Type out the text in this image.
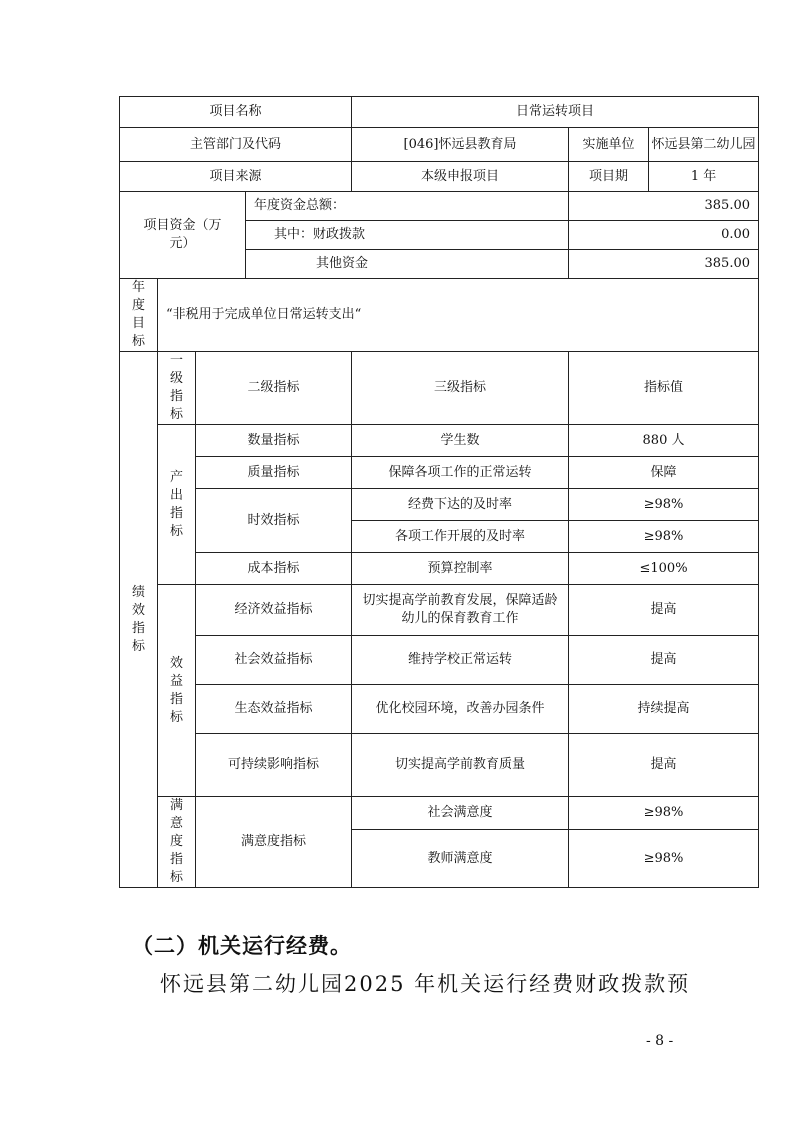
项目名称				日常运转项目		
主管部门及代码				[046]怀远县教育局	实施单位	怀远县第二幼儿园
项目来源				本级申报项目	项目期	1 年
项目资金（万元）			年度资金总额：		385.00	
			其中：财政拨款		0.00	
			其他资金		385.00	

年度目标	“非税用于完成单位日常运转支出“					

绩效指标	一级指标	二级指标		三级指标	指标值	

	产出指标	数量指标		学生数	880 人	
		质量指标		保障各项工作的正常运转	保障	
		时效指标		经费下达的及时率	≥98%	
				各项工作开展的及时率	≥98%	
		成本指标		预算控制率	≤100%	

	效益指标	经济效益指标		切实提高学前教育发展，保障适龄幼儿的保育教育工作	提高	
		社会效益指标		维持学校正常运转	提高	
		生态效益指标		优化校园环境，改善办园条件	持续提高	
		可持续影响指标		切实提高学前教育质量	提高	

	满意度指标	满意度指标		社会满意度	≥98%	
				教师满意度	≥98%	
（二）机关运行经费。
怀远县第二幼儿园2025 年机关运行经费财政拨款预
- 8 -
